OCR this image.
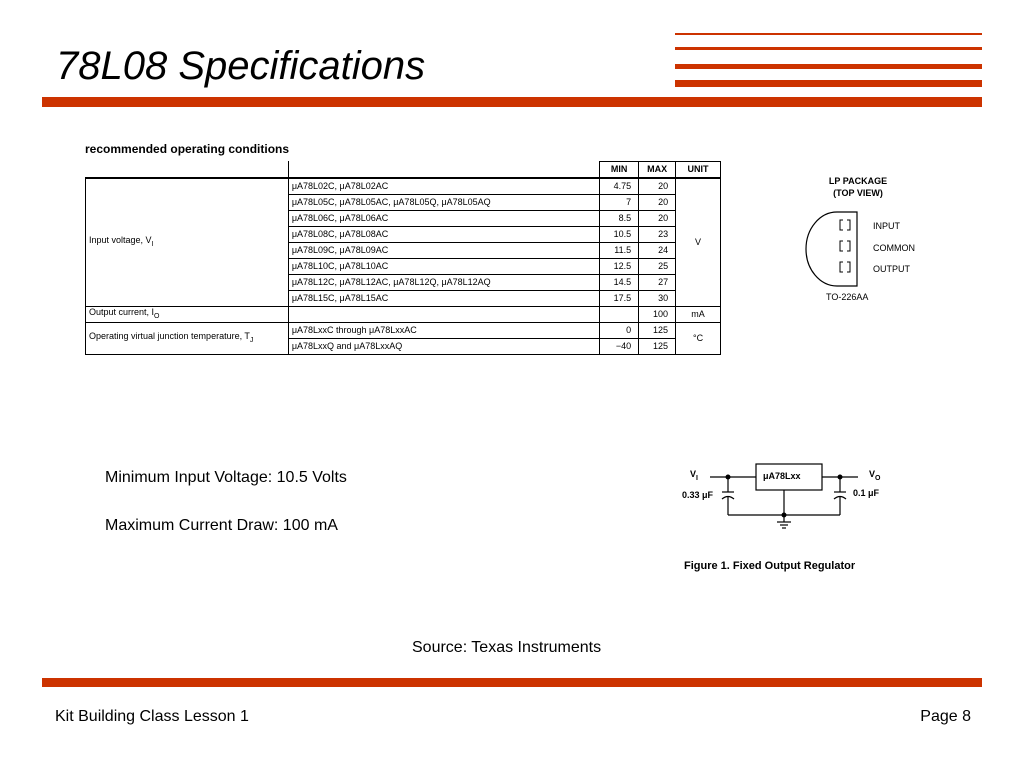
78L08 Specifications
recommended operating conditions
		MIN	MAX	UNIT
Input voltage, $V_I$	μA78L02C, μA78L02AC	4.75	20	V
	μA78L05C, μA78L05AC, μA78L05Q, μA78L05AQ	7	20	
	μA78L06C, μA78L06AC	8.5	20	
	μA78L08C, μA78L08AC	10.5	23	
	μA78L09C, μA78L09AC	11.5	24	
	μA78L10C, μA78L10AC	12.5	25	
	μA78L12C, μA78L12AC, μA78L12Q, μA78L12AQ	14.5	27	
	μA78L15C, μA78L15AC	17.5	30	
Output current, $I_O$			100	mA
Operating virtual junction temperature, $T_J$	μA78LxxC through μA78LxxAC	0	125	°C
	μA78LxxQ and μA78LxxAQ	−40	125	
LP PACKAGE
(TOP VIEW)
INPUT
COMMON
OUTPUT
TO-226AA
Minimum Input Voltage: 10.5 Volts
Maximum Current Draw: 100 mA
$V_I$	$V_O$
μA78Lxx
0.33 μF	0.1 μF
Figure 1. Fixed Output Regulator
Source: Texas Instruments
Kit Building Class Lesson 1	Page 8
